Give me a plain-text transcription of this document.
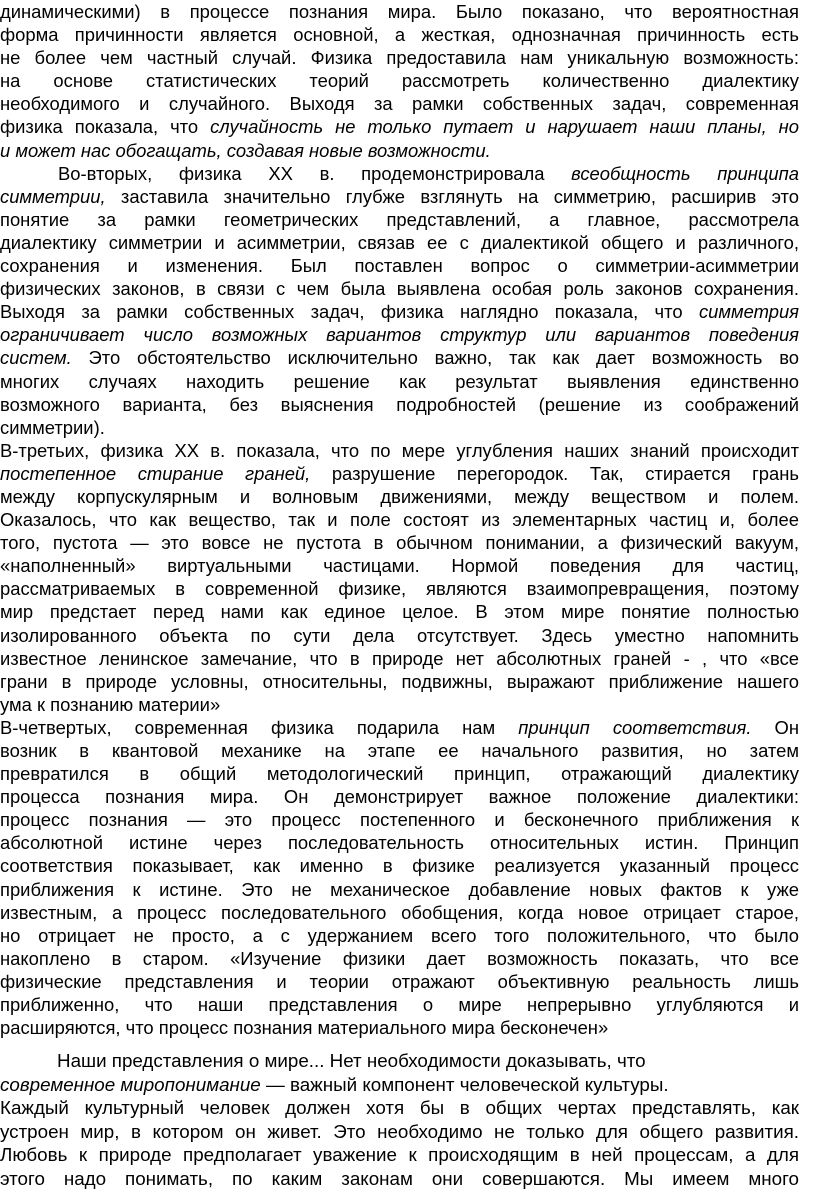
динамическими) в процессе познания мира. Было показано, что вероятностная
форма причинности является основной, а жесткая, однозначная причинность есть
не более чем частный случай. Физика предоставила нам уникальную возможность:
на основе статистических теорий рассмотреть количественно диалектику
необходимого и случайного. Выходя за рамки собственных задач, современная
физика показала, что случайность не только путает и нарушает наши планы, но
и может нас обогащать, создавая новые возможности.
Во-вторых, физика XX в. продемонстрировала всеобщность принципа
симметрии, заставила значительно глубже взглянуть на симметрию, расширив это
понятие за рамки геометрических представлений, а главное, рассмотрела
диалектику симметрии и асимметрии, связав ее с диалектикой общего и различного,
сохранения и изменения. Был поставлен вопрос о симметрии-асимметрии
физических законов, в связи с чем была выявлена особая роль законов сохранения.
Выходя за рамки собственных задач, физика наглядно показала, что симметрия
ограничивает число возможных вариантов структур или вариантов поведения
систем. Это обстоятельство исключительно важно, так как дает возможность во
многих случаях находить решение как результат выявления единственно
возможного варианта, без выяснения подробностей (решение из соображений
симметрии).
В-третьих, физика XX в. показала, что по мере углубления наших знаний происходит
постепенное стирание граней, разрушение перегородок. Так, стирается грань
между корпускулярным и волновым движениями, между веществом и полем.
Оказалось, что как вещество, так и поле состоят из элементарных частиц и, более
того, пустота — это вовсе не пустота в обычном понимании, а физический вакуум,
«наполненный» виртуальными частицами. Нормой поведения для частиц,
рассматриваемых в современной физике, являются взаимопревращения, поэтому
мир предстает перед нами как единое целое. В этом мире понятие полностью
изолированного объекта по сути дела отсутствует. Здесь уместно напомнить
известное ленинское замечание, что в природе нет абсолютных граней - , что «все
грани в природе условны, относительны, подвижны, выражают приближение нашего
ума к познанию материи»
В-четвертых, современная физика подарила нам принцип соответствия. Он
возник в квантовой механике на этапе ее начального развития, но затем
превратился в общий методологический принцип, отражающий диалектику
процесса познания мира. Он демонстрирует важное положение диалектики:
процесс познания — это процесс постепенного и бесконечного приближения к
абсолютной истине через последовательность относительных истин. Принцип
соответствия показывает, как именно в физике реализуется указанный процесс
приближения к истине. Это не механическое добавление новых фактов к уже
известным, а процесс последовательного обобщения, когда новое отрицает старое,
но отрицает не просто, а с удержанием всего того положительного, что было
накоплено в старом. «Изучение физики дает возможность показать, что все
физические представления и теории отражают объективную реальность лишь
приближенно, что наши представления о мире непрерывно углубляются и
расширяются, что процесс познания материального мира бесконечен»
Наши представления о мире... Нет необходимости доказывать, что
современное миропонимание — важный компонент человеческой культуры.
Каждый культурный человек должен хотя бы в общих чертах представлять, как
устроен мир, в котором он живет. Это необходимо не только для общего развития.
Любовь к природе предполагает уважение к происходящим в ней процессам, а для
этого надо понимать, по каким законам они совершаются. Мы имеем много
